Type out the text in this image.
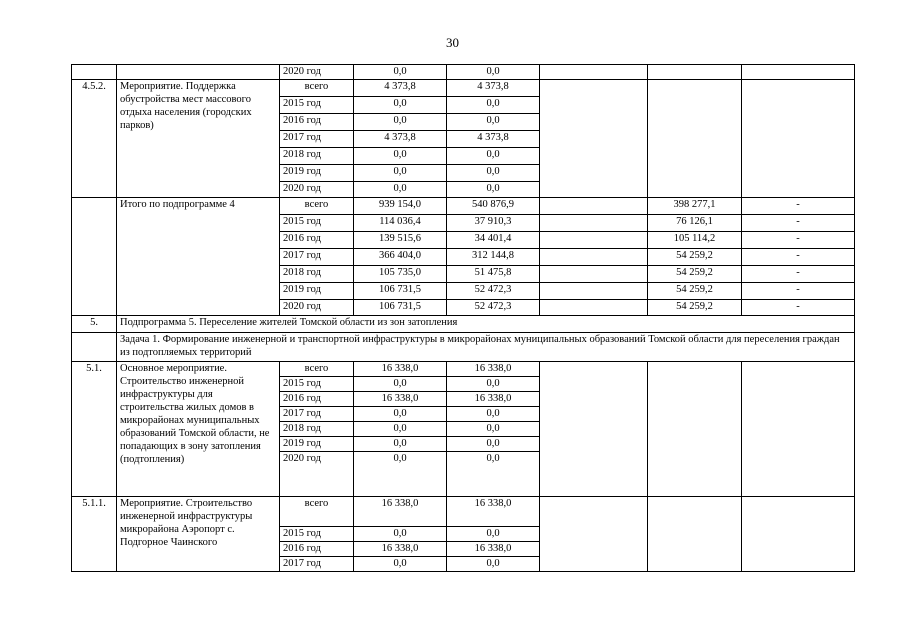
30
		2020 год	0,0	0,0			
4.5.2.	Мероприятие. Поддержка обустройства мест массового отдыха населения (городских парков)	всего	4 373,8	4 373,8			
		2015 год	0,0	0,0			
		2016 год	0,0	0,0			
		2017 год	4 373,8	4 373,8			
		2018 год	0,0	0,0			
		2019 год	0,0	0,0			
		2020 год	0,0	0,0			
	Итого по подпрограмме 4	всего	939 154,0	540 876,9		398 277,1	-
		2015 год	114 036,4	37 910,3		76 126,1	-
		2016 год	139 515,6	34 401,4		105 114,2	-
		2017 год	366 404,0	312 144,8		54 259,2	-
		2018 год	105 735,0	51 475,8		54 259,2	-
		2019 год	106 731,5	52 472,3		54 259,2	-
		2020 год	106 731,5	52 472,3		54 259,2	-
5.	Подпрограмма 5. Переселение жителей Томской области из зон затопления						
	Задача 1. Формирование инженерной и транспортной инфраструктуры в микрорайонах муниципальных образований Томской области для переселения граждан из подтопляемых территорий						
5.1.	Основное мероприятие. Строительство инженерной инфраструктуры для строительства жилых домов в микрорайонах муниципальных образований Томской области, не попадающих в зону затопления (подтопления)	всего	16 338,0	16 338,0			
		2015 год	0,0	0,0			
		2016 год	16 338,0	16 338,0			
		2017 год	0,0	0,0			
		2018 год	0,0	0,0			
		2019 год	0,0	0,0			
		2020 год	0,0	0,0			
5.1.1.	Мероприятие. Строительство инженерной инфраструктуры микрорайона Аэропорт с. Подгорное Чаинского	всего	16 338,0	16 338,0			
		2015 год	0,0	0,0			
		2016 год	16 338,0	16 338,0			
		2017 год	0,0	0,0			
